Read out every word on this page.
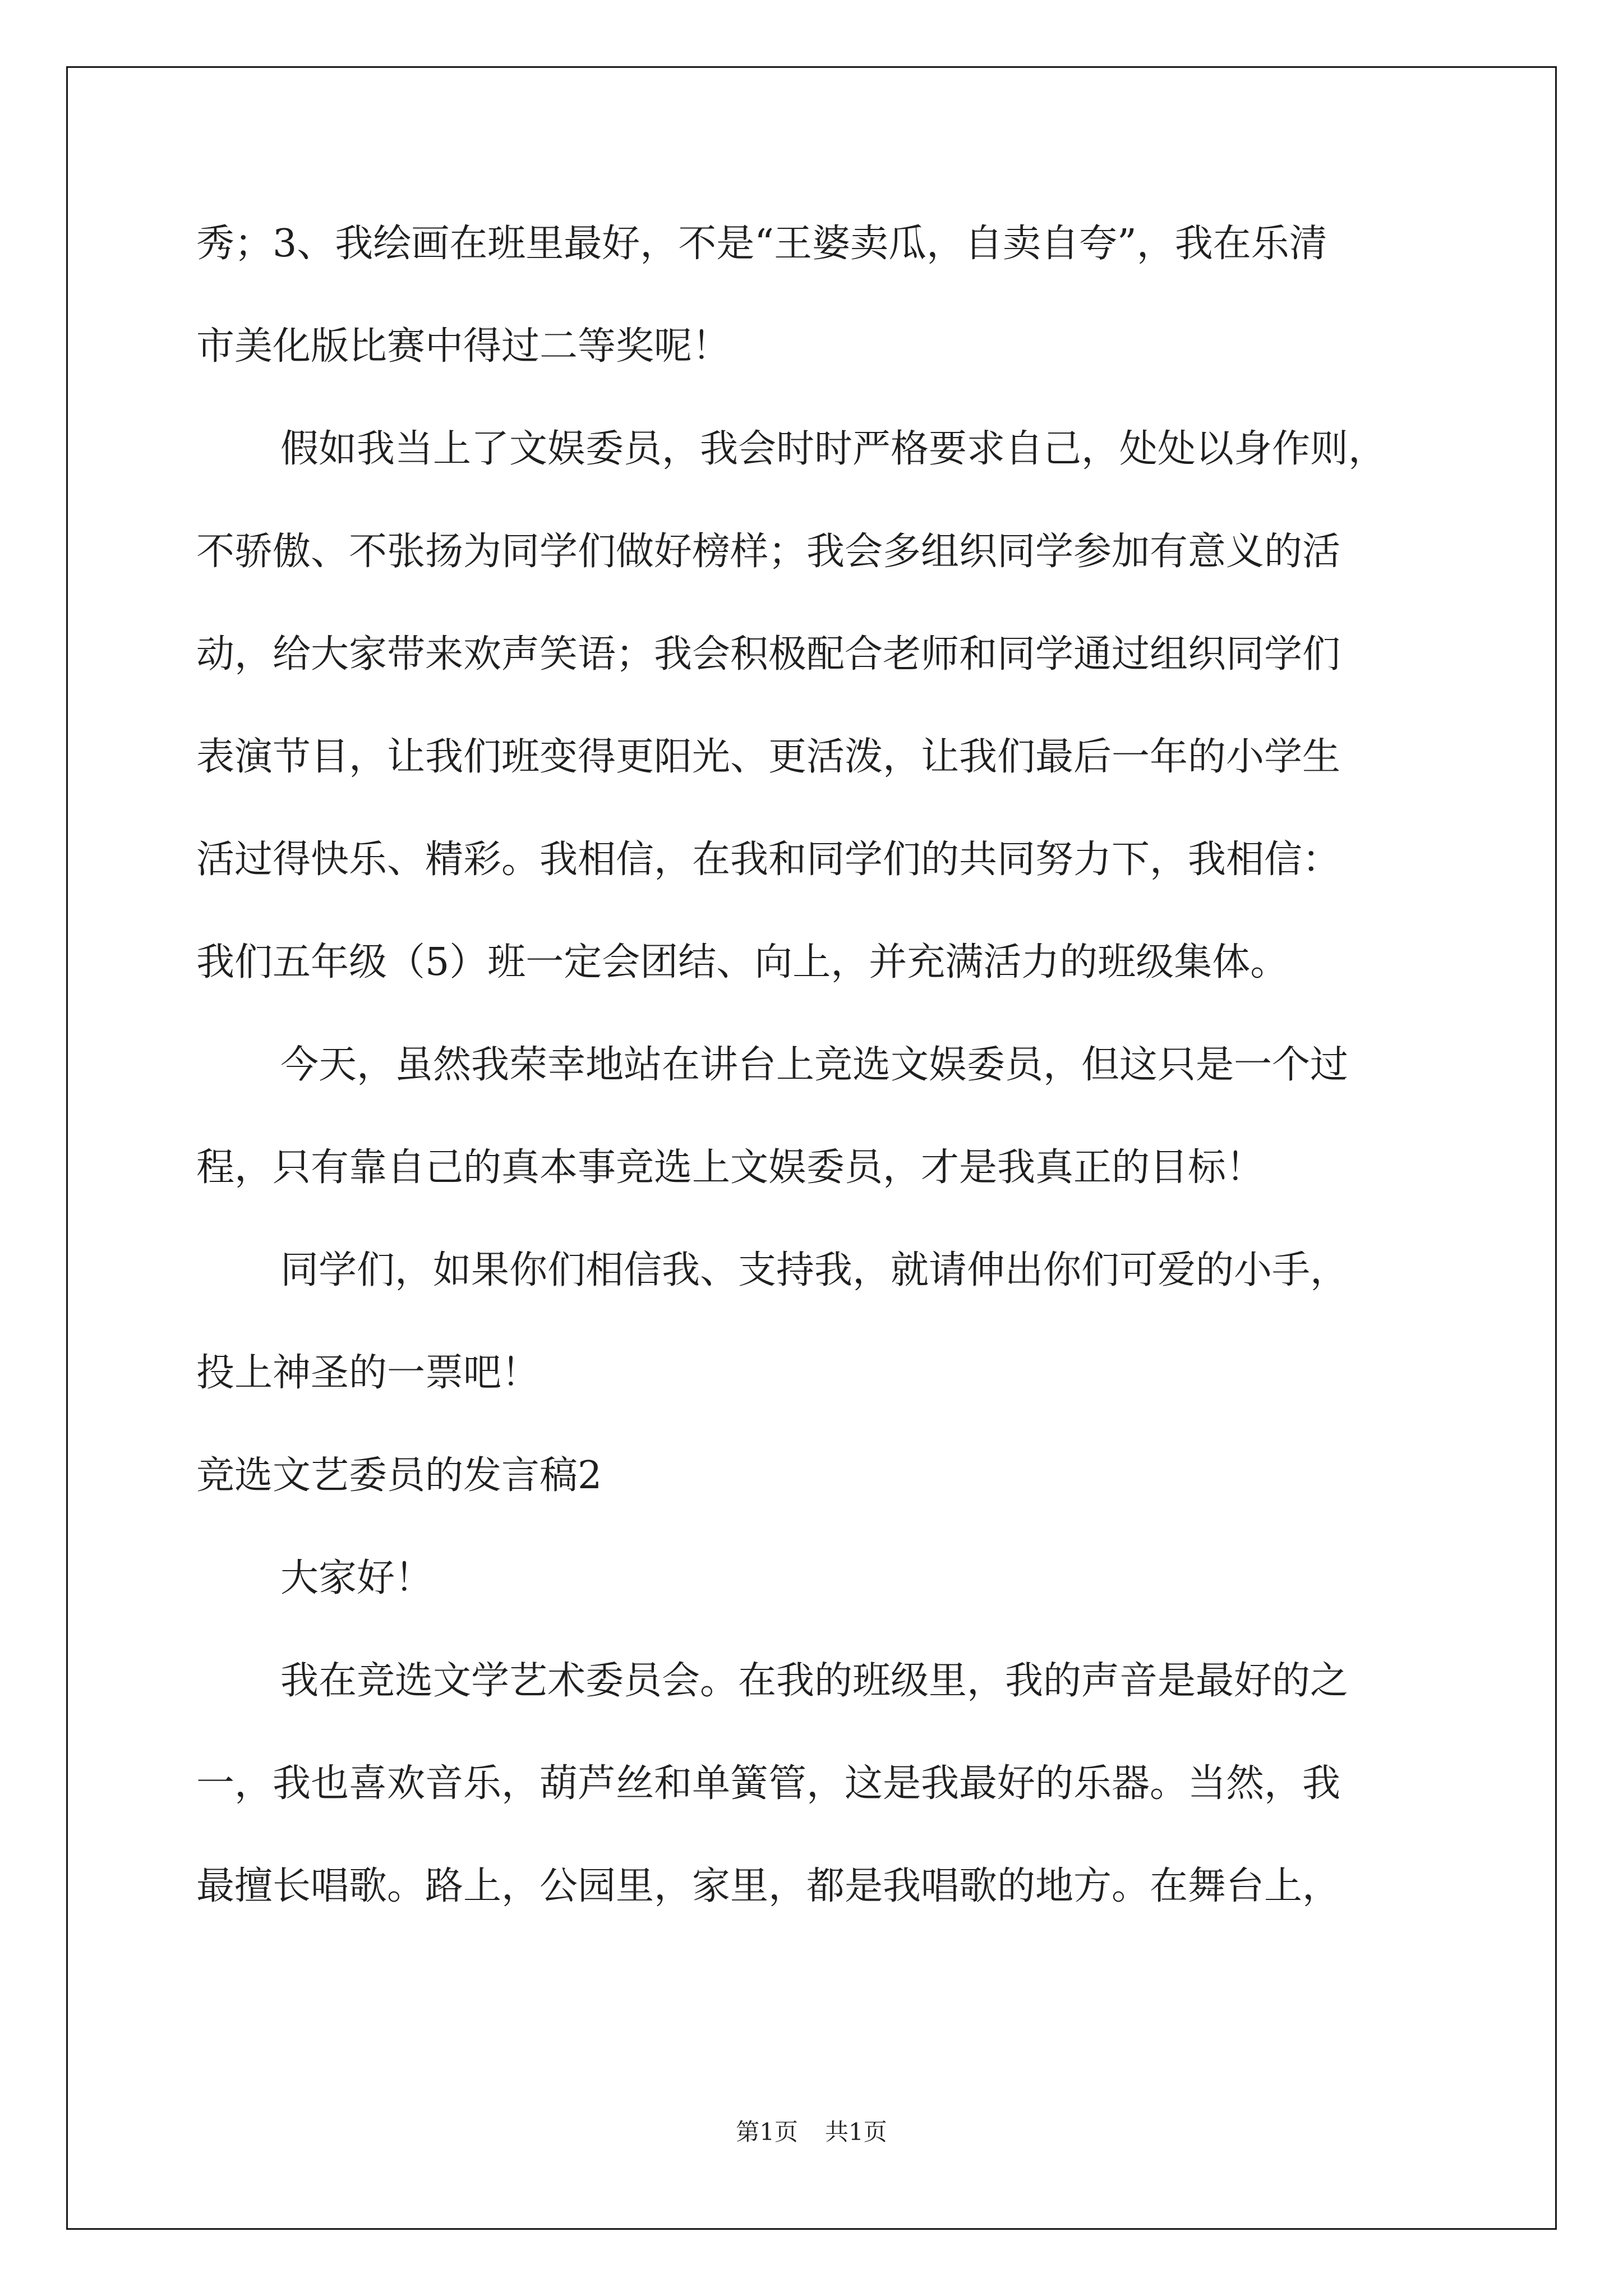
秀；3、我绘画在班里最好，不是“王婆卖瓜，自卖自夸”，我在乐清
市美化版比赛中得过二等奖呢！
假如我当上了文娱委员，我会时时严格要求自己，处处以身作则，
不骄傲、不张扬为同学们做好榜样；我会多组织同学参加有意义的活
动，给大家带来欢声笑语；我会积极配合老师和同学通过组织同学们
表演节目，让我们班变得更阳光、更活泼，让我们最后一年的小学生
活过得快乐、精彩。我相信，在我和同学们的共同努力下，我相信：
我们五年级（5）班一定会团结、向上，并充满活力的班级集体。
今天，虽然我荣幸地站在讲台上竞选文娱委员，但这只是一个过
程，只有靠自己的真本事竞选上文娱委员，才是我真正的目标！
同学们，如果你们相信我、支持我，就请伸出你们可爱的小手，
投上神圣的一票吧！
竞选文艺委员的发言稿2
大家好！
我在竞选文学艺术委员会。在我的班级里，我的声音是最好的之
一，我也喜欢音乐，葫芦丝和单簧管，这是我最好的乐器。当然，我
最擅长唱歌。路上，公园里，家里，都是我唱歌的地方。在舞台上，
第1页 共1页
